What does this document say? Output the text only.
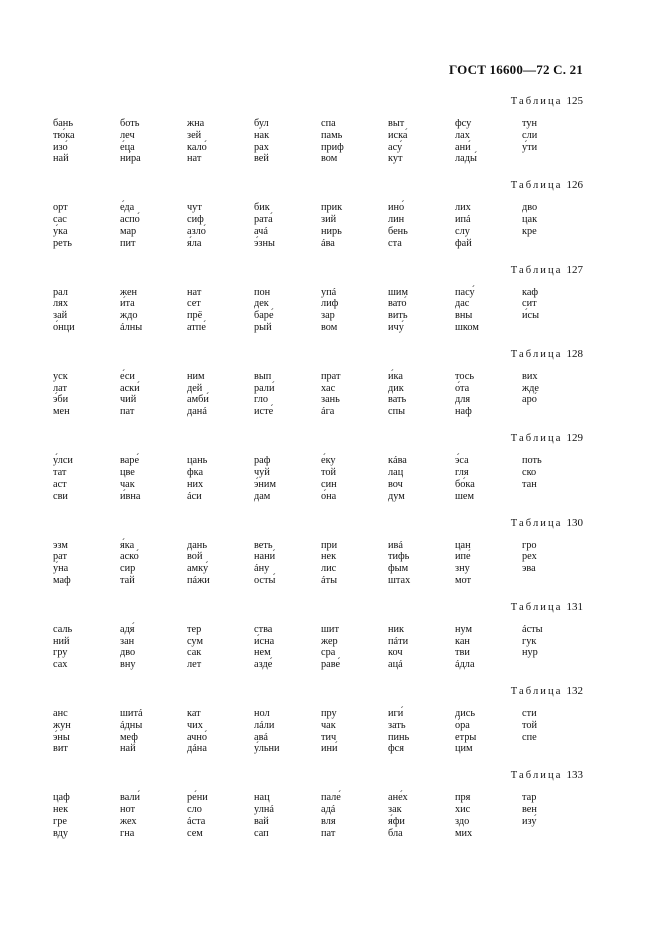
ГОСТ 16600—72 С. 21
Таблица 125
бань
тю́ка
изо́
най
боть
леч
е́ца
ни́ра
жна
зей
кало́
нат
бул
нак
рах
вей
спа
памь
приф
вом
выт
иска́
асу́
кут
фсу
лах
ани́
лады́
тун
сли
у́ти
Таблица 126
орт
сас
у́ка
реть
е́да
аспо́
мар
пит
чут
сиф
азло́
я́ла
бик
рата́
ачá
э́зны
прик
зий
нирь
áва
ино́
лин
бень
ста
лих
ипá
слу
фай
дво
цак
кре
Таблица 127
рал
лях
зай
о́нци
жен
и́та
ждо
áлны
нат
сет
прё
атпе́
пон
дек
баре́
рый
упá
лиф
зар
вом
шим
вато́
вить
ичу́
пасу́
дас
вны
шком
каф
сит
и́сы
Таблица 128
уск
лат
э́би
мен
е́си
аски́
чий
пат
ним
дей
амби́
данá
вып
рали́
гло
исте́
прат
хас
зань
áга
и́ка
дик
вать
спы
тось
о́та
для
наф
вих
жде
аро́
Таблица 129
у́лси
тат
аст
сви
варе́
цве
чак
и́вна
цань
фка
них
áси
раф
чуй
э́ним
дам
е́ку
той
син
о́на
кáва
лац
воч
дум
э́са
гля
бо́ка
шем
поть
ско
тан
Таблица 130
эзм
рат
у́на
маф
я́ка
аско́
сир
тай
дань
вой
амку́
пáжи
веть
нани́
áну
осты́
при
нек
лис
áты
ивá
тифь
фым
штах
цан
ипе́
зну
мот
гро
рех
эва
Таблица 131
саль
ний
гру
сах
адя́
зан
дво
вну
тер
сум
сак
лет
ства
и́сна
нем
азде́
шит
жер
сра
раве́
ник
пáти
коч
ацá
нум
кан
тви
áдла
áсты
гук
нур
Таблица 132
анс
жун
э́ны
вит
шитá
áдны
меф
най
кат
чих
ачно́
дáна
нол
лáли
авá
у́льни
пру
чак
тич
ини́
иги́
зать
пинь
фся
дись
о́ра
етры
цим
сти
той
спе
Таблица 133
цаф
нек
гре
вду
вали́
нот
жех
гна
ре́ни
сло
áста
сем
нац
улнá
вай
сап
пале́
адá
вля
пат
ане́х
зак
я́фи
бла
пря
хис
здо
мих
тар
вен
изу́
